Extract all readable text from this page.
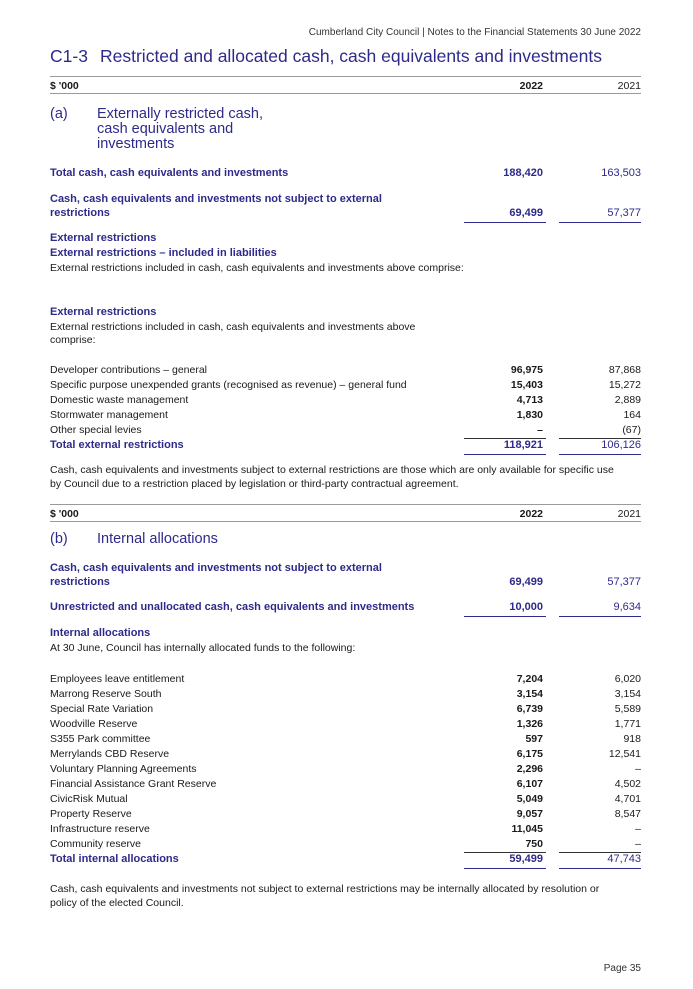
Cumberland City Council | Notes to the Financial Statements 30 June 2022
C1-3 Restricted and allocated cash, cash equivalents and investments
$ '000	2022	2021
(a) Externally restricted cash,
cash equivalents and
investments
Total cash, cash equivalents and investments	188,420	163,503
Cash, cash equivalents and investments not subject to external
restrictions	69,499	57,377
External restrictions
External restrictions – included in liabilities
External restrictions included in cash, cash equivalents and investments above comprise:
External restrictions
External restrictions included in cash, cash equivalents and investments above
comprise:
Developer contributions – general	96,975	87,868
Specific purpose unexpended grants (recognised as revenue) – general fund	15,403	15,272
Domestic waste management	4,713	2,889
Stormwater management	1,830	164
Other special levies	–	(67)
Total external restrictions	118,921	106,126
Cash, cash equivalents and investments subject to external restrictions are those which are only available for specific use
by Council due to a restriction placed by legislation or third-party contractual agreement.
$ '000	2022	2021
(b) Internal allocations
Cash, cash equivalents and investments not subject to external
restrictions	69,499	57,377
Unrestricted and unallocated cash, cash equivalents and investments	10,000	9,634
Internal allocations
At 30 June, Council has internally allocated funds to the following:
Employees leave entitlement	7,204	6,020
Marrong Reserve South	3,154	3,154
Special Rate Variation	6,739	5,589
Woodville Reserve	1,326	1,771
S355 Park committee	597	918
Merrylands CBD Reserve	6,175	12,541
Voluntary Planning Agreements	2,296	–
Financial Assistance Grant Reserve	6,107	4,502
CivicRisk Mutual	5,049	4,701
Property Reserve	9,057	8,547
Infrastructure reserve	11,045	–
Community reserve	750	–
Total internal allocations	59,499	47,743
Cash, cash equivalents and investments not subject to external restrictions may be internally allocated by resolution or
policy of the elected Council.
Page 35
